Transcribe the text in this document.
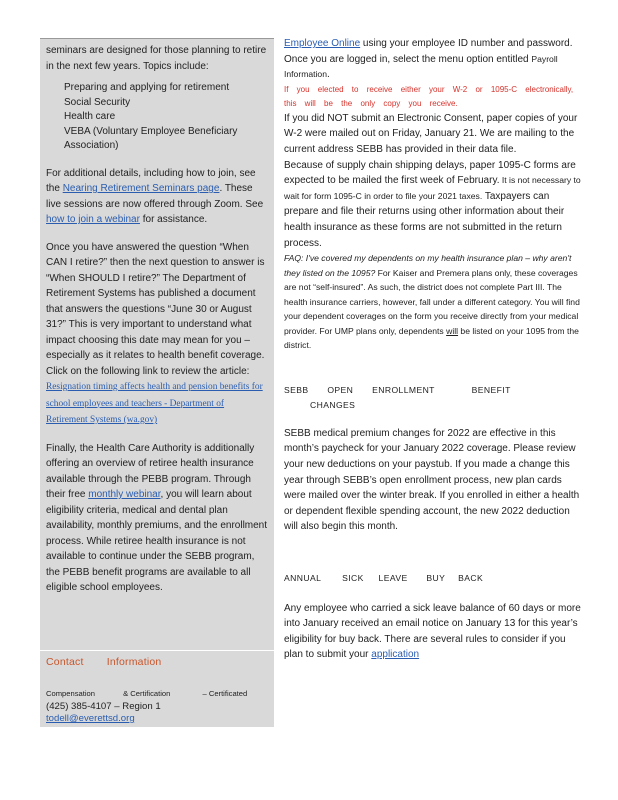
seminars are designed for those planning to retire in the next few years. Topics include:

Preparing and applying for retirement
Social Security
Health care
VEBA (Voluntary Employee Beneficiary Association)

For additional details, including how to join, see the Nearing Retirement Seminars page. These live sessions are now offered through Zoom. See how to join a webinar for assistance.

Once you have answered the question “When CAN I retire?” then the next question to answer is “When SHOULD I retire?” The Department of Retirement Systems has published a document that answers the questions “June 30 or August 31?” This is very important to understand what impact choosing this date may mean for you – especially as it relates to health benefit coverage. Click on the following link to review the article:

Resignation timing affects health and pension benefits for school employees and teachers - Department of Retirement Systems (wa.gov)

Finally, the Health Care Authority is additionally offering an overview of retiree health insurance available through the PEBB program. Through their free monthly webinar, you will learn about eligibility criteria, medical and dental plan availability, monthly premiums, and the enrollment process. While retiree health insurance is not available to continue under the SEBB program, the PEBB benefit programs are available to all eligible school employees.

Contact Information
Compensation	& Certification	– Certificated
(425) 385-4107 – Region 1
todell@everettsd.org

Employee Online using your employee ID number and password. Once you are logged in, select the menu option entitled Payroll Information.

If you elected to receive either your W-2 or 1095-C electronically, this will be the only copy you receive.

If you did NOT submit an Electronic Consent, paper copies of your W-2 were mailed out on Friday, January 21. We are mailing to the current address SEBB has provided in their data file.

Because of supply chain shipping delays, paper 1095-C forms are expected to be mailed the first week of February. It is not necessary to wait for form 1095-C in order to file your 2021 taxes. Taxpayers can prepare and file their returns using other information about their health insurance as these forms are not submitted in the return process.

FAQ: I've covered my dependents on my health insurance plan – why aren't they listed on the 1095? For Kaiser and Premera plans only, these coverages are not “self-insured”. As such, the district does not complete Part III. The health insurance carriers, however, fall under a different category. You will find your dependent coverages on the form you receive directly from your medical provider. For UMP plans only, dependents will be listed on your 1095 from the district.

SEBB OPEN ENROLLMENT	BENEFIT CHANGES

SEBB medical premium changes for 2022 are effective in this month’s paycheck for your January 2022 coverage. Please review your new deductions on your paystub. If you made a change this year through SEBB’s open enrollment process, new plan cards were mailed over the winter break. If you enrolled in either a health or dependent flexible spending account, the new 2022 deduction will also begin this month.

ANNUAL SICK LEAVE BUY BACK

Any employee who carried a sick leave balance of 60 days or more into January received an email notice on January 13 for this year’s eligibility for buy back. There are several rules to consider if you plan to submit your application
